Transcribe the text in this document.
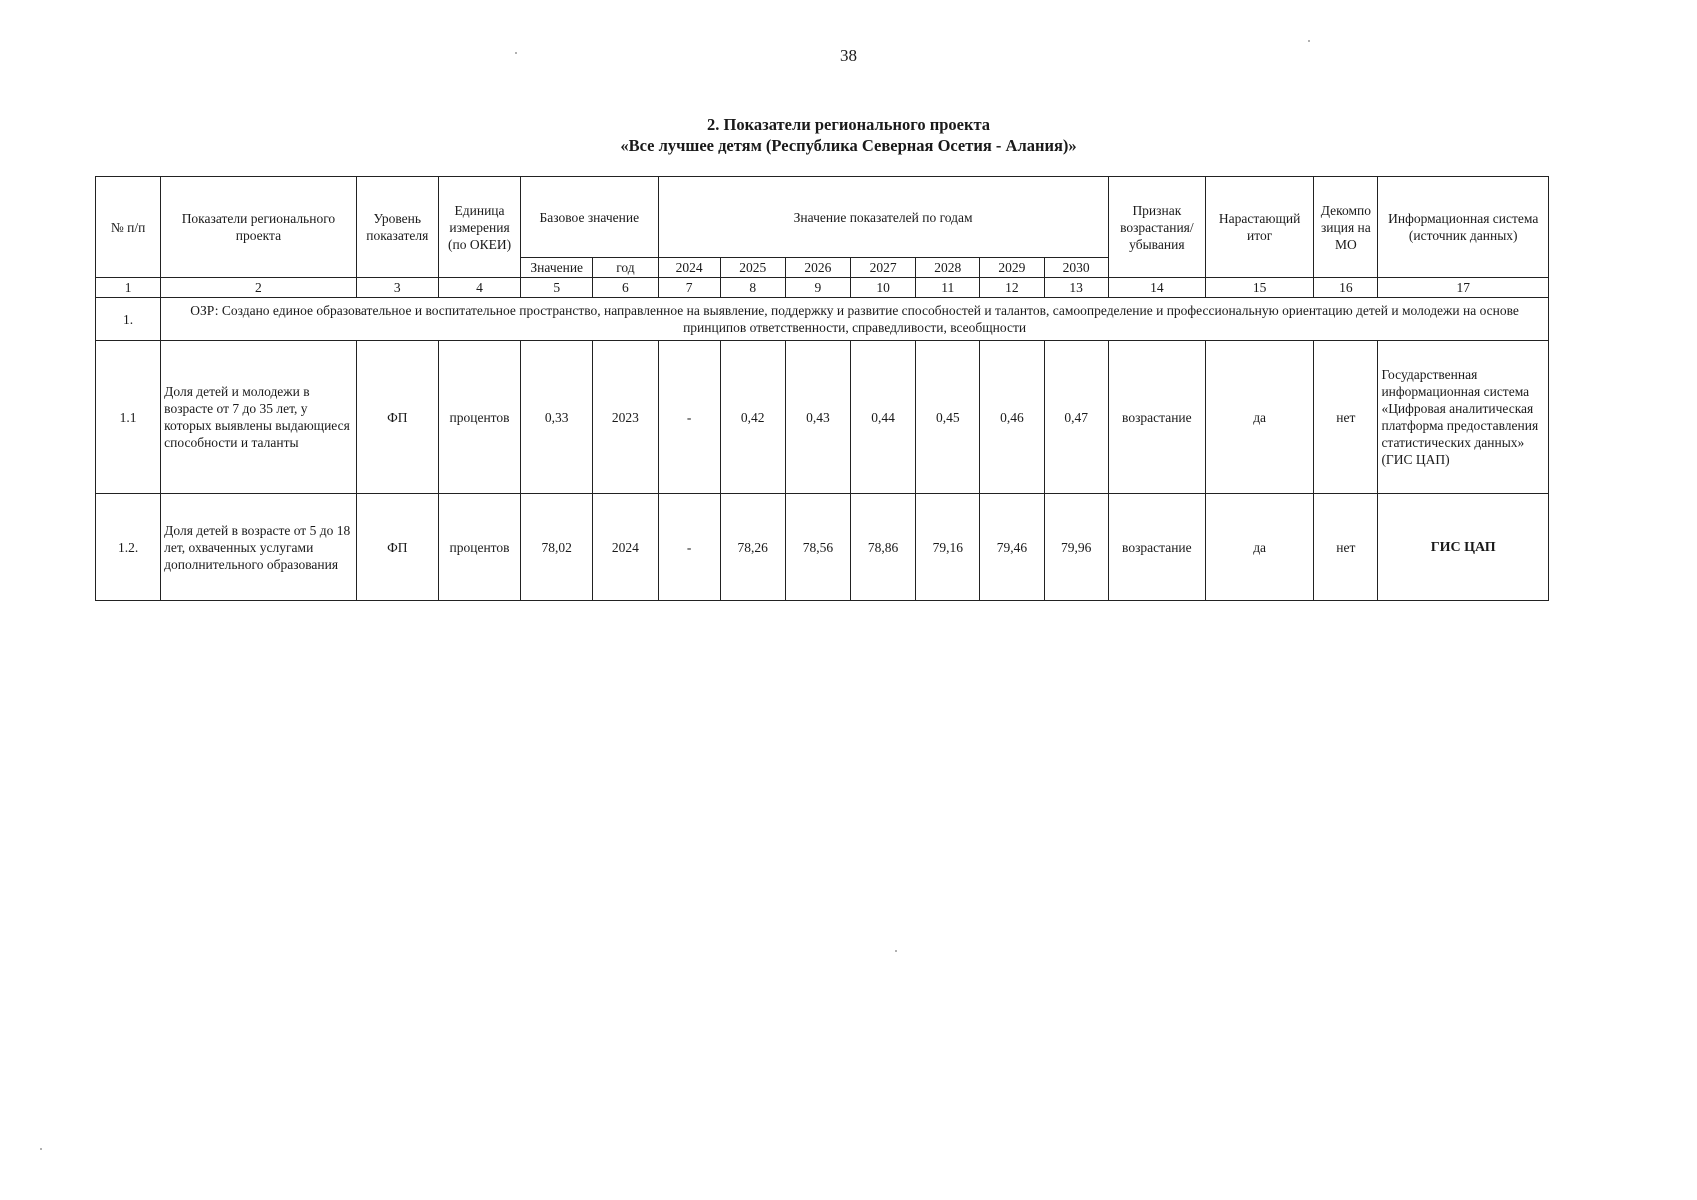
38
2. Показатели регионального проекта
«Все лучшее детям (Республика Северная Осетия - Алания)»
№ п/п	Показатели регионального проекта	Уровень показателя	Единица измерения (по ОКЕИ)	Базовое значение		Значение показателей по годам							Признак возрастания/ убывания	Нарастающий итог	Декомпо зиция на МО	Информационная система (источник данных)
				Значение	год	2024	2025	2026	2027	2028	2029	2030				
1	2	3	4	5	6	7	8	9	10	11	12	13	14	15	16	17
1.	ОЗР: Создано единое образовательное и воспитательное пространство, направленное на выявление, поддержку и развитие способностей и талантов, самоопределение и профессиональную ориентацию детей и молодежи на основе принципов ответственности, справедливости, всеобщности															
1.1	Доля детей и молодежи в возрасте от 7 до 35 лет, у которых выявлены выдающиеся способности и таланты	ФП	процентов	0,33	2023	-	0,42	0,43	0,44	0,45	0,46	0,47	возрастание	да	нет	Государственная информационная система «Цифровая аналитическая платформа предоставления статистических данных» (ГИС ЦАП)
1.2.	Доля детей в возрасте от 5 до 18 лет, охваченных услугами дополнительного образования	ФП	процентов	78,02	2024	-	78,26	78,56	78,86	79,16	79,46	79,96	возрастание	да	нет	ГИС ЦАП
